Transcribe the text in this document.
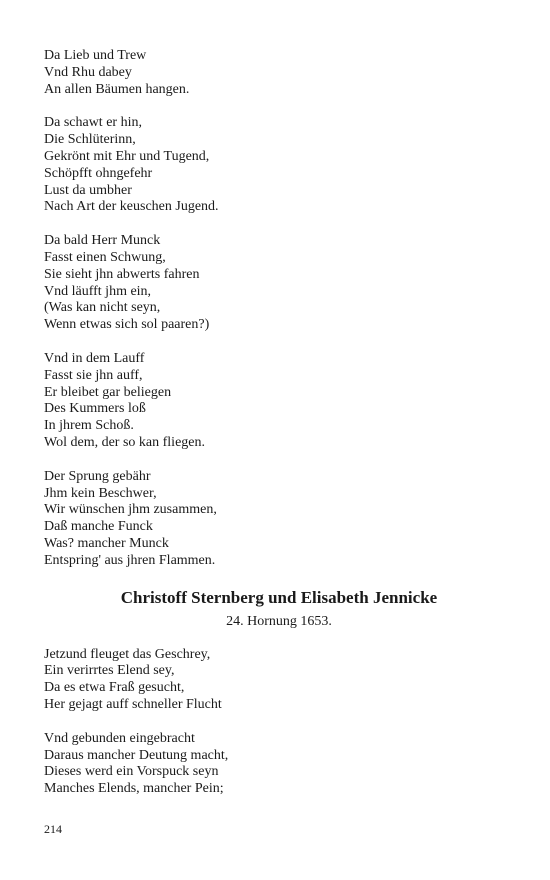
Da Lieb und Trew
Vnd Rhu dabey
An allen Bäumen hangen.
Da schawt er hin,
Die Schlüterinn,
Gekrönt mit Ehr und Tugend,
Schöpfft ohngefehr
Lust da umbher
Nach Art der keuschen Jugend.
Da bald Herr Munck
Fasst einen Schwung,
Sie sieht jhn abwerts fahren
Vnd läufft jhm ein,
(Was kan nicht seyn,
Wenn etwas sich sol paaren?)
Vnd in dem Lauff
Fasst sie jhn auff,
Er bleibet gar beliegen
Des Kummers loß
In jhrem Schoß.
Wol dem, der so kan fliegen.
Der Sprung gebähr
Jhm kein Beschwer,
Wir wünschen jhm zusammen,
Daß manche Funck
Was? mancher Munck
Entspring' aus jhren Flammen.
Christoff Sternberg und Elisabeth Jennicke
24. Hornung 1653.
Jetzund fleuget das Geschrey,
Ein verirrtes Elend sey,
Da es etwa Fraß gesucht,
Her gejagt auff schneller Flucht
Vnd gebunden eingebracht
Daraus mancher Deutung macht,
Dieses werd ein Vorspuck seyn
Manches Elends, mancher Pein;
214
